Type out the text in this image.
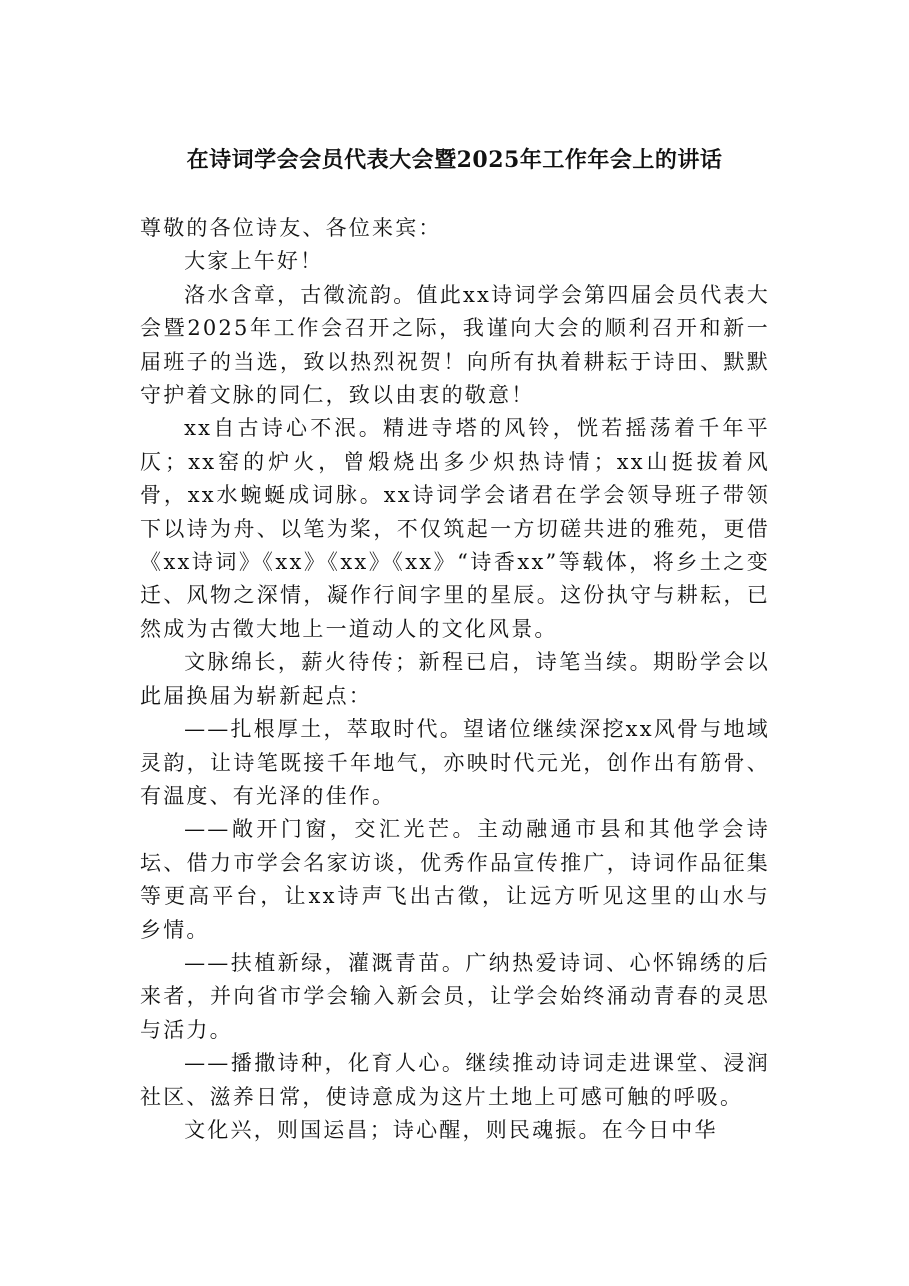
在诗词学会会员代表大会暨2025年工作年会上的讲话

尊敬的各位诗友、各位来宾：

大家上午好！

洛水含章，古徵流韵。值此xx诗词学会第四届会员代表大会暨2025年工作会召开之际，我谨向大会的顺利召开和新一届班子的当选，致以热烈祝贺！向所有执着耕耘于诗田、默默守护着文脉的同仁，致以由衷的敬意！

xx自古诗心不泯。精进寺塔的风铃，恍若摇荡着千年平仄；xx窑的炉火，曾煅烧出多少炽热诗情；xx山挺拔着风骨，xx水蜿蜒成词脉。xx诗词学会诸君在学会领导班子带领下以诗为舟、以笔为桨，不仅筑起一方切磋共进的雅苑，更借《xx诗词》《xx》《xx》《xx》“诗香xx”等载体，将乡土之变迁、风物之深情，凝作行间字里的星辰。这份执守与耕耘，已然成为古徵大地上一道动人的文化风景。

文脉绵长，薪火待传；新程已启，诗笔当续。期盼学会以此届换届为崭新起点：

——扎根厚土，萃取时代。望诸位继续深挖xx风骨与地域灵韵，让诗笔既接千年地气，亦映时代元光，创作出有筋骨、有温度、有光泽的佳作。

——敞开门窗，交汇光芒。主动融通市县和其他学会诗坛、借力市学会名家访谈，优秀作品宣传推广，诗词作品征集等更高平台，让xx诗声飞出古徵，让远方听见这里的山水与乡情。

——扶植新绿，灌溉青苗。广纳热爱诗词、心怀锦绣的后来者，并向省市学会输入新会员，让学会始终涌动青春的灵思与活力。

——播撒诗种，化育人心。继续推动诗词走进课堂、浸润社区、滋养日常，使诗意成为这片土地上可感可触的呼吸。

文化兴，则国运昌；诗心醒，则民魂振。在今日中华
